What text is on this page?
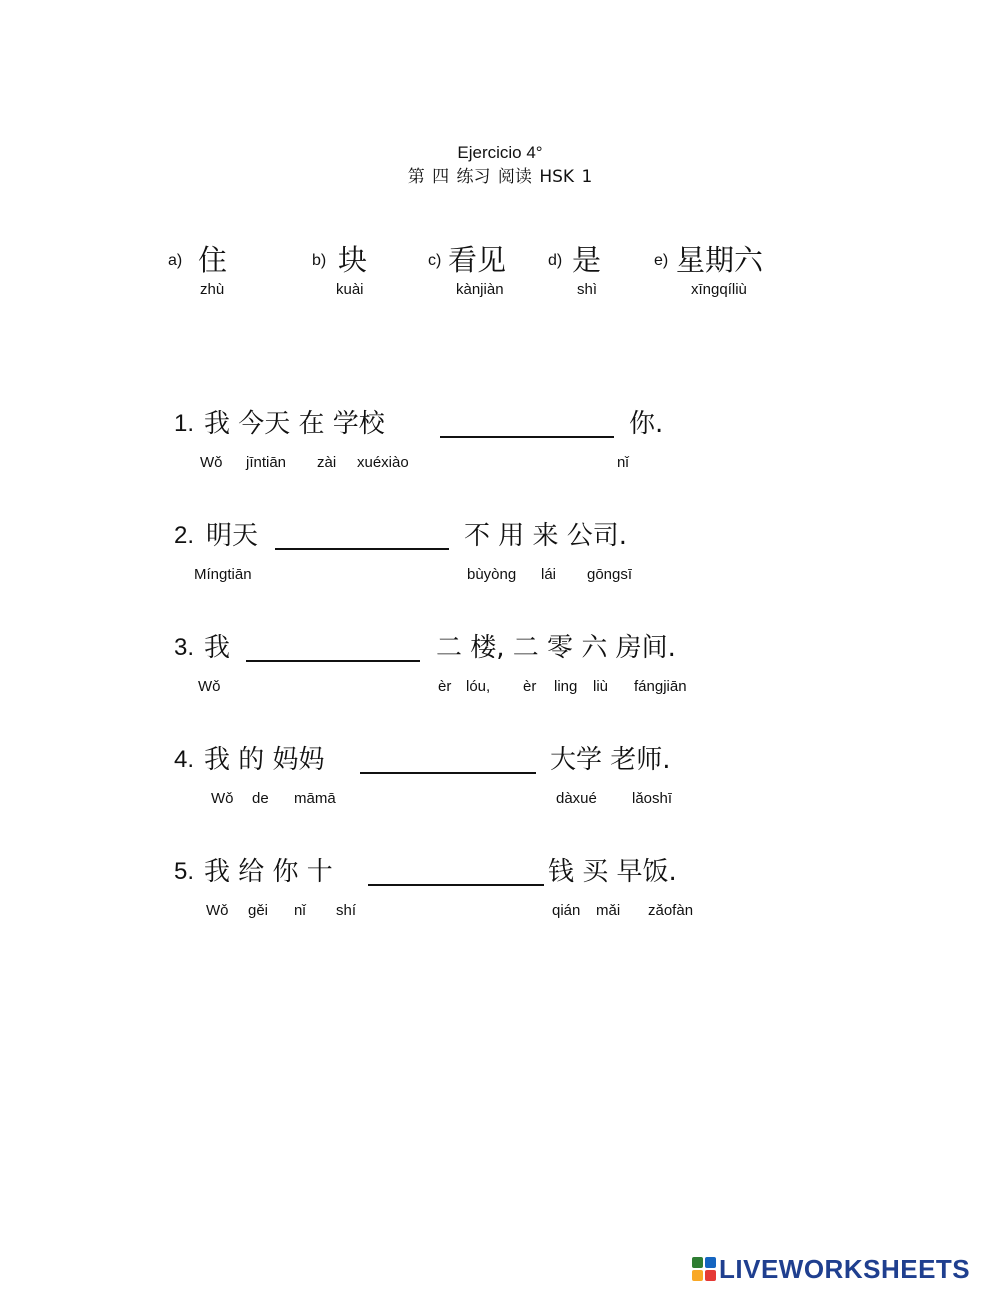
Ejercicio 4°
第 四 练习 阅读 HSK 1
a) 住
zhù
b) 块
kuài
c) 看见
kànjiàn
d) 是
shì
e) 星期六
xīngqíliù
1. 我 今天 在 学校	你.
Wǒ jīntiān zài xuéxiào	nǐ
2. 明天	不 用 来 公司.
Míngtiān	bùyòng lái gōngsī
3. 我	二 楼, 二 零 六 房间.
Wǒ	èr lóu, èr ling liù fángjiān
4. 我 的 妈妈	大学 老师.
Wǒ de māmā	dàxué lǎoshī
5. 我 给 你 十	钱 买 早饭.
Wǒ gěi nǐ shí	qián mǎi zǎofàn
LIVEWORKSHEETS
